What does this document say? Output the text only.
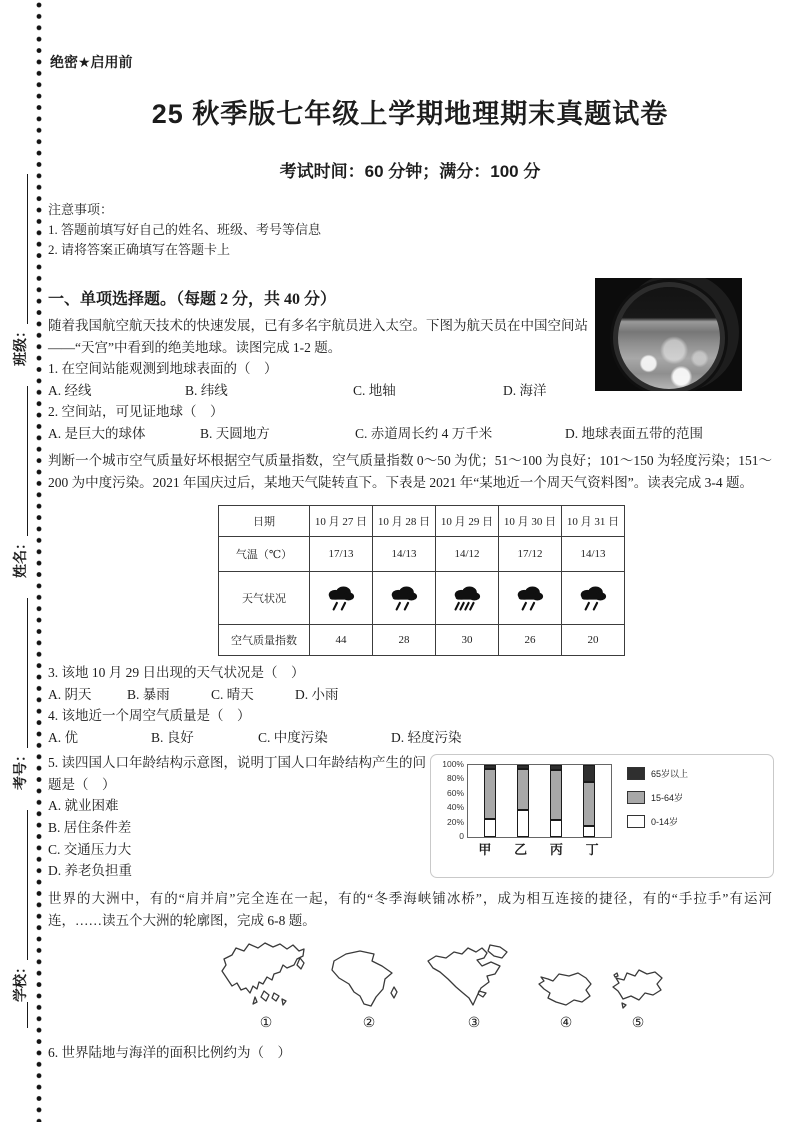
学校：
考号：
姓名：
班级：
绝密★启用前
25 秋季版七年级上学期地理期末真题试卷
考试时间：60 分钟；满分：100 分
注意事项：
1. 答题前填写好自己的姓名、班级、考号等信息
2. 请将答案正确填写在答题卡上
一、单项选择题。（每题 2 分，共 40 分）
随着我国航空航天技术的快速发展，已有多名宇航员进入太空。下图为航天员在中国空间站——“天宫”中看到的绝美地球。读图完成 1-2 题。
1. 在空间站能观测到地球表面的（　）
A. 经线	B. 纬线	C. 地轴	D. 海洋
2. 空间站，可见证地球（　）
A. 是巨大的球体	B. 天圆地方	C. 赤道周长约 4 万千米	D. 地球表面五带的范围
判断一个城市空气质量好坏根据空气质量指数，空气质量指数 0～50 为优；51～100 为良好；101～150 为轻度污染；151～200 为中度污染。2021 年国庆过后，某地天气陡转直下。下表是 2021 年“某地近一个周天气资料图”。读表完成 3-4 题。
日期	10 月 27 日	10 月 28 日	10 月 29 日	10 月 30 日	10 月 31 日
气温（℃）	17/13	14/13	14/12	17/12	14/13
天气状况					
空气质量指数	44	28	30	26	20
3. 该地 10 月 29 日出现的天气状况是（　）
A. 阴天	B. 暴雨	C. 晴天	D. 小雨
4. 该地近一个周空气质量是（　）
A. 优	B. 良好	C. 中度污染	D. 轻度污染
5. 读四国人口年龄结构示意图，说明丁国人口年龄结构产生的问题是（　）
A. 就业困难
B. 居住条件差
C. 交通压力大
D. 养老负担重
100%
80%
60%
40%
20%
0
甲 乙 丙 丁
65岁以上
15-64岁
0-14岁
世界的大洲中，有的“肩并肩”完全连在一起，有的“冬季海峡铺冰桥”，成为相互连接的捷径，有的“手拉手”有运河连，……读五个大洲的轮廓图，完成 6-8 题。
①	②	③	④	⑤
6. 世界陆地与海洋的面积比例约为（　）
